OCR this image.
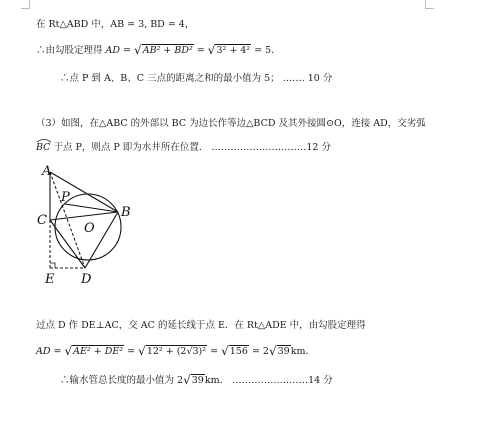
在 Rt△ABD 中，AB = 3, BD = 4，
∴由勾股定理得 AD = √AB² + BD² = √3² + 4² = 5．
∴点 P 到 A、B、C 三点的距离之和的最小值为 5； ……. 10 分
（3）如图，在△ABC 的外部以 BC 为边长作等边△BCD 及其外接圆⊙O，连接 AD，交劣弧
BC 于点 P，则点 P 即为水井所在位置． …………………………12 分
A
P
B
C
O
E D
过点 D 作 DE⊥AC，交 AC 的延长线于点 E．在 Rt△ADE 中，由勾股定理得
AD = √AE² + DE² = √12² + (2√3)² = √156 = 2√39km．
∴输水管总长度的最小值为 2√39km． ……………………14 分
